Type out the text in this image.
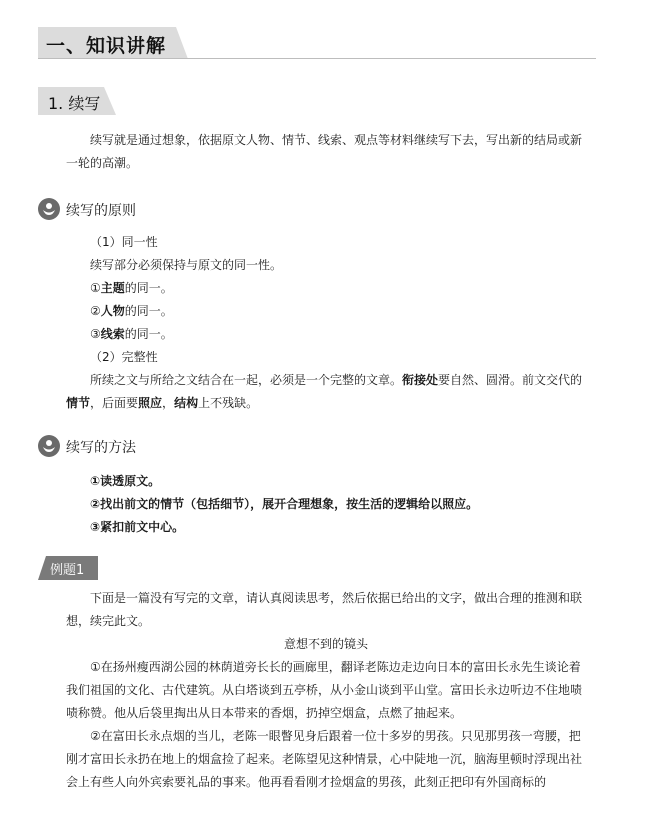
一、知识讲解
1. 续写
续写就是通过想象，依据原文人物、情节、线索、观点等材料继续写下去，写出新的结局或新一轮的高潮。
续写的原则
（1）同一性
续写部分必须保持与原文的同一性。
①主题的同一。
②人物的同一。
③线索的同一。
（2）完整性
所续之文与所给之文结合在一起，必须是一个完整的文章。衔接处要自然、圆滑。前文交代的情节，后面要照应，结构上不残缺。
续写的方法
①读透原文。
②找出前文的情节（包括细节），展开合理想象，按生活的逻辑给以照应。
③紧扣前文中心。
例题1
下面是一篇没有写完的文章，请认真阅读思考，然后依据已给出的文字，做出合理的推测和联想，续完此文。
意想不到的镜头
①在扬州瘦西湖公园的林荫道旁长长的画廊里，翻译老陈边走边向日本的富田长永先生谈论着我们祖国的文化、古代建筑。从白塔谈到五亭桥，从小金山谈到平山堂。富田长永边听边不住地啧啧称赞。他从后袋里掏出从日本带来的香烟，扔掉空烟盒，点燃了抽起来。
②在富田长永点烟的当儿，老陈一眼瞥见身后跟着一位十多岁的男孩。只见那男孩一弯腰，把刚才富田长永扔在地上的烟盒捡了起来。老陈望见这种情景，心中陡地一沉，脑海里顿时浮现出社会上有些人向外宾索要礼品的事来。他再看看刚才捡烟盒的男孩，此刻正把印有外国商标的
